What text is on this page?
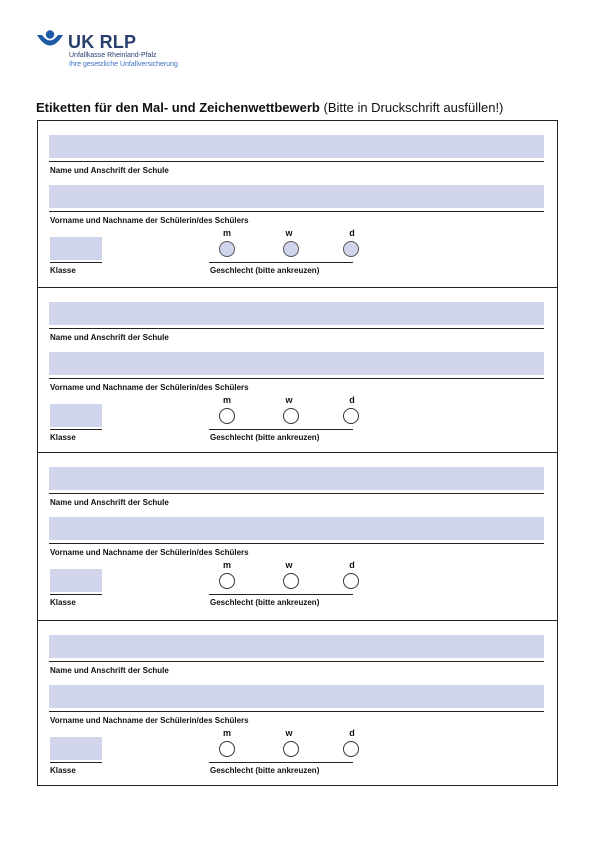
UK RLP
Unfallkasse Rheinland-Pfalz
Ihre gesetzliche Unfallversicherung
Etiketten für den Mal- und Zeichenwettbewerb (Bitte in Druckschrift ausfüllen!)
Name und Anschrift der Schule
Vorname und Nachname der Schülerin/des Schülers
Klasse
m	w	d
Geschlecht (bitte ankreuzen)
Name und Anschrift der Schule
Vorname und Nachname der Schülerin/des Schülers
Klasse
m	w	d
Geschlecht (bitte ankreuzen)
Name und Anschrift der Schule
Vorname und Nachname der Schülerin/des Schülers
Klasse
m	w	d
Geschlecht (bitte ankreuzen)
Name und Anschrift der Schule
Vorname und Nachname der Schülerin/des Schülers
Klasse
m	w	d
Geschlecht (bitte ankreuzen)
